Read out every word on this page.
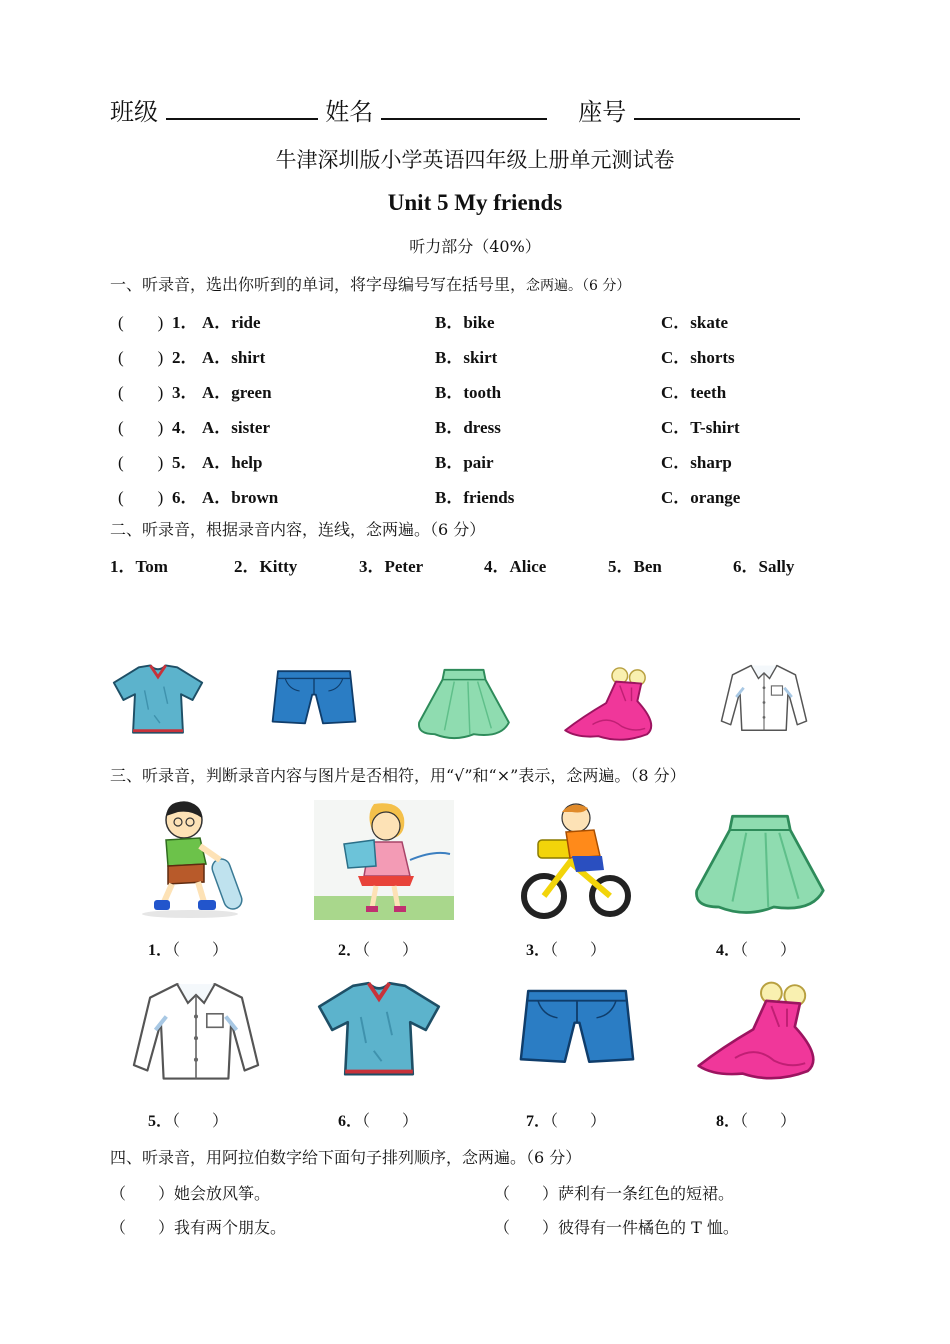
班级	姓名	座号
牛津深圳版小学英语四年级上册单元测试卷
Unit 5 My friends
听力部分（40%）
一、听录音，选出你听到的单词，将字母编号写在括号里，念两遍。（6 分）
(　　) 1． A．ride	B．bike	C．skate
(　　) 2． A．shirt	B．skirt	C．shorts
(　　) 3． A．green	B．tooth	C．teeth
(　　) 4． A．sister	B．dress	C．T-shirt
(　　) 5． A．help	B．pair	C．sharp
(　　) 6． A．brown	B．friends	C．orange
二、听录音，根据录音内容，连线，念两遍。（6 分）
1．Tom	2．Kitty	3．Peter	4．Alice	5．Ben	6．Sally
三、听录音，判断录音内容与图片是否相符，用“√”和“×”表示，念两遍。（8 分）
1．（　　）	2．（　　）	3．（　　）	4．（　　）
5．（　　）	6．（　　）	7．（　　）	8．（　　）
四、听录音，用阿拉伯数字给下面句子排列顺序，念两遍。（6 分）
（　　）她会放风筝。	（　　）萨利有一条红色的短裙。
（　　）我有两个朋友。	（　　）彼得有一件橘色的 T 恤。
